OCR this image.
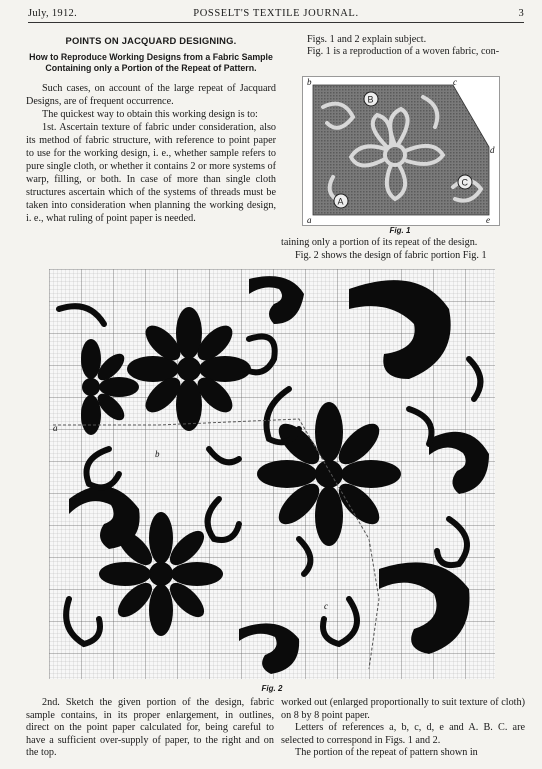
July, 1912.	POSSELT'S TEXTILE JOURNAL.	3
POINTS ON JACQUARD DESIGNING.
How to Reproduce Working Designs from a Fabric Sample Containing only a Portion of the Repeat of Pattern.

Such cases, on account of the large repeat of Jacquard Designs, are of frequent occurrence.

The quickest way to obtain this working design is to:

1st. Ascertain texture of fabric under consideration, also its method of fabric structure, with reference to point paper to use for the working design, i. e., whether sample refers to pure single cloth, or whether it contains 2 or more systems of warp, filling, or both. In case of more than single cloth structures ascertain which of the systems of threads must be taken into consideration when planning the working design, i. e., what ruling of point paper is needed.

Figs. 1 and 2 explain subject.

Fig. 1 is a reproduction of a woven fabric, con-

B
A
C
b	c
d
a	e
Fig. 1

taining only a portion of its repeat of the design.

Fig. 2 shows the design of fabric portion Fig. 1

a
b
c
Fig. 2

2nd. Sketch the given portion of the design, fabric sample contains, in its proper enlargement, in outlines, direct on the point paper calculated for, being careful to have a sufficient over-supply of paper, to the right and on the top.

worked out (enlarged proportionally to suit texture of cloth) on 8 by 8 point paper.

Letters of references a, b, c, d, e and A. B. C. are selected to correspond in Figs. 1 and 2.

The portion of the repeat of pattern shown in
